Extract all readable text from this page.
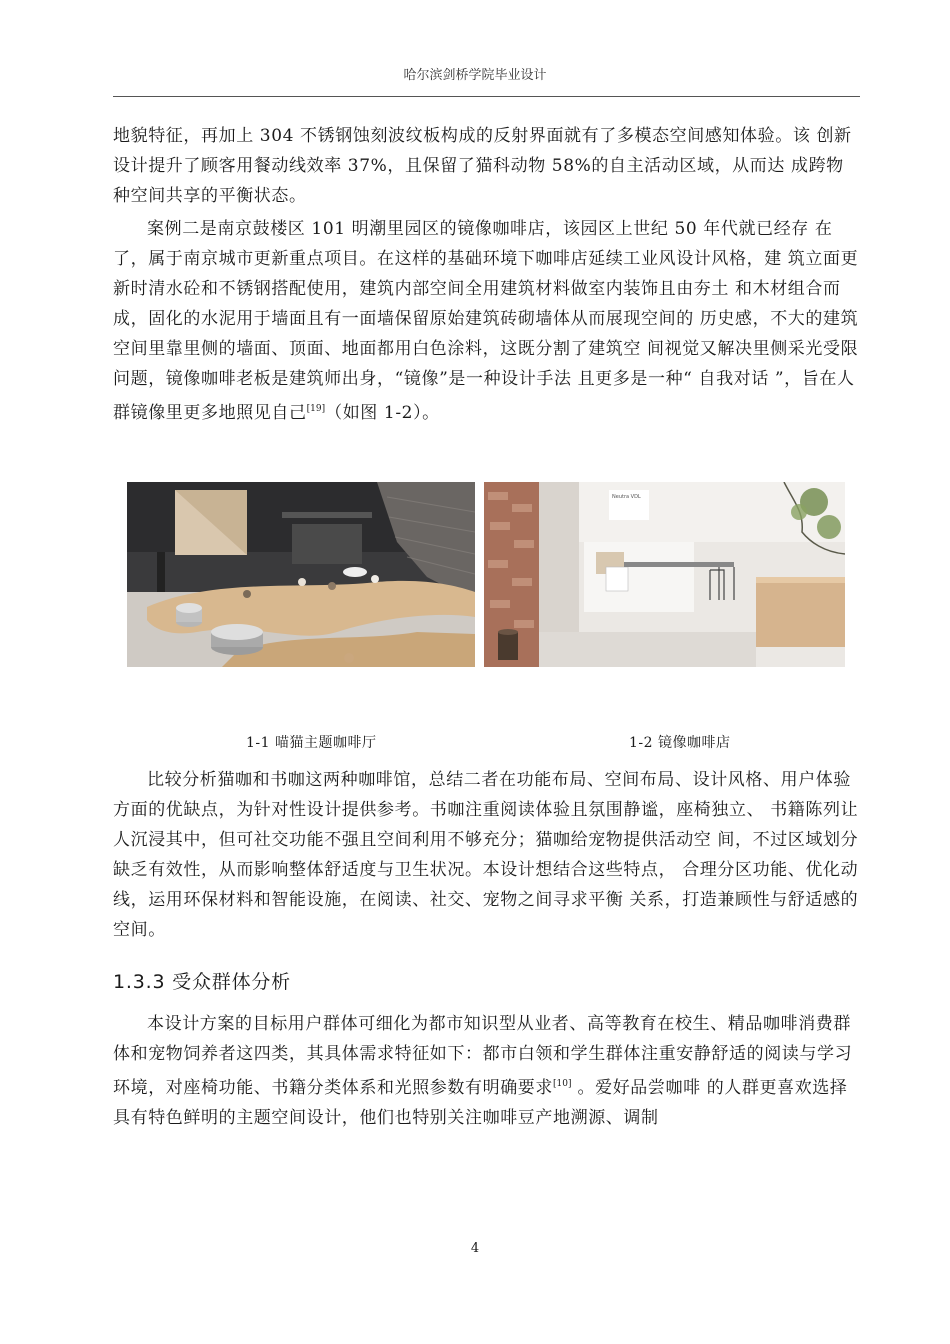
哈尔滨剑桥学院毕业设计

地貌特征，再加上 304 不锈钢蚀刻波纹板构成的反射界面就有了多模态空间感知体验。该 创新设计提升了顾客用餐动线效率 37%，且保留了猫科动物 58%的自主活动区域，从而达 成跨物种空间共享的平衡状态。

案例二是南京鼓楼区 101 明潮里园区的镜像咖啡店，该园区上世纪 50 年代就已经存 在了，属于南京城市更新重点项目。在这样的基础环境下咖啡店延续工业风设计风格，建 筑立面更新时清水砼和不锈钢搭配使用，建筑内部空间全用建筑材料做室内装饰且由夯土 和木材组合而成，固化的水泥用于墙面且有一面墙保留原始建筑砖砌墙体从而展现空间的 历史感，不大的建筑空间里靠里侧的墙面、顶面、地面都用白色涂料，这既分割了建筑空 间视觉又解决里侧采光受限问题，镜像咖啡老板是建筑师出身，“镜像”是一种设计手法 且更多是一种“ 自我对话 ”，旨在人群镜像里更多地照见自己[19]（如图 1-2）。

Neutra VDL
1-1 喵猫主题咖啡厅	1-2 镜像咖啡店

比较分析猫咖和书咖这两种咖啡馆，总结二者在功能布局、空间布局、设计风格、用户体验方面的优缺点，为针对性设计提供参考。书咖注重阅读体验且氛围静谧，座椅独立、 书籍陈列让人沉浸其中，但可社交功能不强且空间利用不够充分；猫咖给宠物提供活动空 间，不过区域划分缺乏有效性，从而影响整体舒适度与卫生状况。本设计想结合这些特点， 合理分区功能、优化动线，运用环保材料和智能设施，在阅读、社交、宠物之间寻求平衡 关系，打造兼顾性与舒适感的空间。

1.3.3 受众群体分析

本设计方案的目标用户群体可细化为都市知识型从业者、高等教育在校生、精品咖啡消费群体和宠物饲养者这四类，其具体需求特征如下：都市白领和学生群体注重安静舒适的阅读与学习环境，对座椅功能、书籍分类体系和光照参数有明确要求[10] 。爱好品尝咖啡 的人群更喜欢选择具有特色鲜明的主题空间设计，他们也特别关注咖啡豆产地溯源、调制

4
